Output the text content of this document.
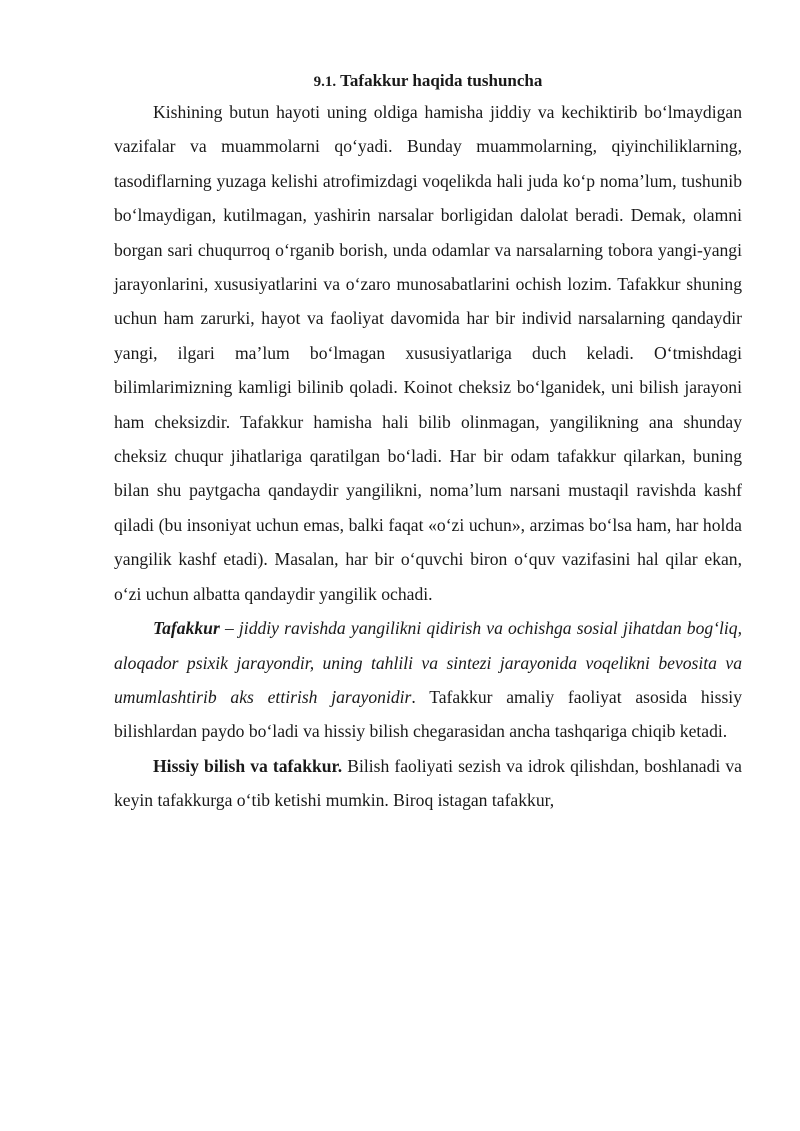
9.1. Tafakkur haqida tushuncha

Kishining butun hayoti uning oldiga hamisha jiddiy va kechiktirib bo‘lmaydigan vazifalar va muammolarni qo‘yadi. Bunday muammolarning, qiyinchiliklarning, tasodiflarning yuzaga kelishi atrofimizdagi voqelikda hali juda ko‘p noma’lum, tushunib bo‘lmaydigan, kutilmagan, yashirin narsalar borligidan dalolat beradi. Demak, olamni borgan sari chuqurroq o‘rganib borish, unda odamlar va narsalarning tobora yangi-yangi jarayonlarini, xususiyatlarini va o‘zaro munosabatlarini ochish lozim. Tafakkur shuning uchun ham zarurki, hayot va faoliyat davomida har bir individ narsalarning qandaydir yangi, ilgari ma’lum bo‘lmagan xususiyatlariga duch keladi. O‘tmishdagi bilimlarimizning kamligi bilinib qoladi. Koinot cheksiz bo‘lganidek, uni bilish jarayoni ham cheksizdir. Tafakkur hamisha hali bilib olinmagan, yangilikning ana shunday cheksiz chuqur jihatlariga qaratilgan bo‘ladi. Har bir odam tafakkur qilarkan, buning bilan shu paytgacha qandaydir yangilikni, noma’lum narsani mustaqil ravishda kashf qiladi (bu insoniyat uchun emas, balki faqat «o‘zi uchun», arzimas bo‘lsa ham, har holda yangilik kashf etadi). Masalan, har bir o‘quvchi biron o‘quv vazifasini hal qilar ekan, o‘zi uchun albatta qandaydir yangilik ochadi.

Tafakkur – jiddiy ravishda yangilikni qidirish va ochishga sosial jihatdan bog‘liq, aloqador psixik jarayondir, uning tahlili va sintezi jarayonida voqelikni bevosita va umumlashtirib aks ettirish jarayonidir. Tafakkur amaliy faoliyat asosida hissiy bilishlardan paydo bo‘ladi va hissiy bilish chegarasidan ancha tashqariga chiqib ketadi.

Hissiy bilish va tafakkur. Bilish faoliyati sezish va idrok qilishdan, boshlanadi va keyin tafakkurga o‘tib ketishi mumkin. Biroq istagan tafakkur,
